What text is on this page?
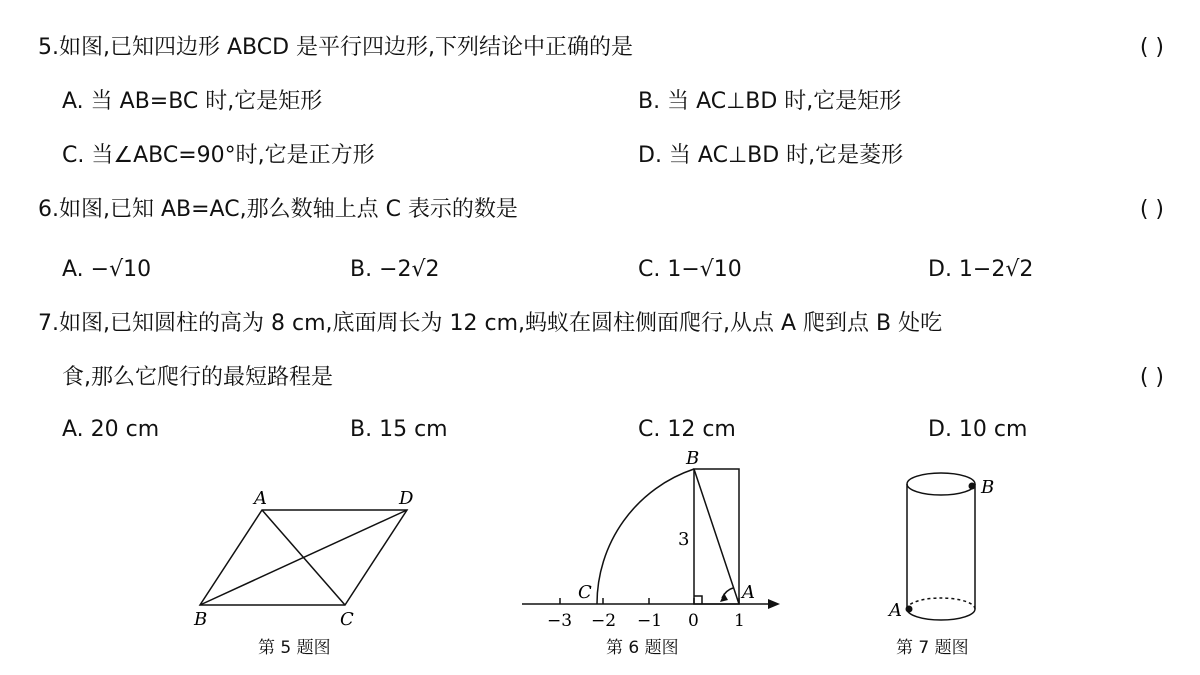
5.如图,已知四边形 ABCD 是平行四边形,下列结论中正确的是	( )
A. 当 AB=BC 时,它是矩形	B. 当 AC⊥BD 时,它是矩形
C. 当∠ABC=90°时,它是正方形	D. 当 AC⊥BD 时,它是菱形
6.如图,已知 AB=AC,那么数轴上点 C 表示的数是	( )
A. −√10	B. −2√2	C. 1−√10	D. 1−2√2
7.如图,已知圆柱的高为 8 cm,底面周长为 12 cm,蚂蚁在圆柱侧面爬行,从点 A 爬到点 B 处吃
食,那么它爬行的最短路程是	( )
A. 20 cm	B. 15 cm	C. 12 cm	D. 10 cm
A	D
B	C
B
C	A
3
−3 −2 −1 0 1
B
A
第 5 题图	第 6 题图	第 7 题图
